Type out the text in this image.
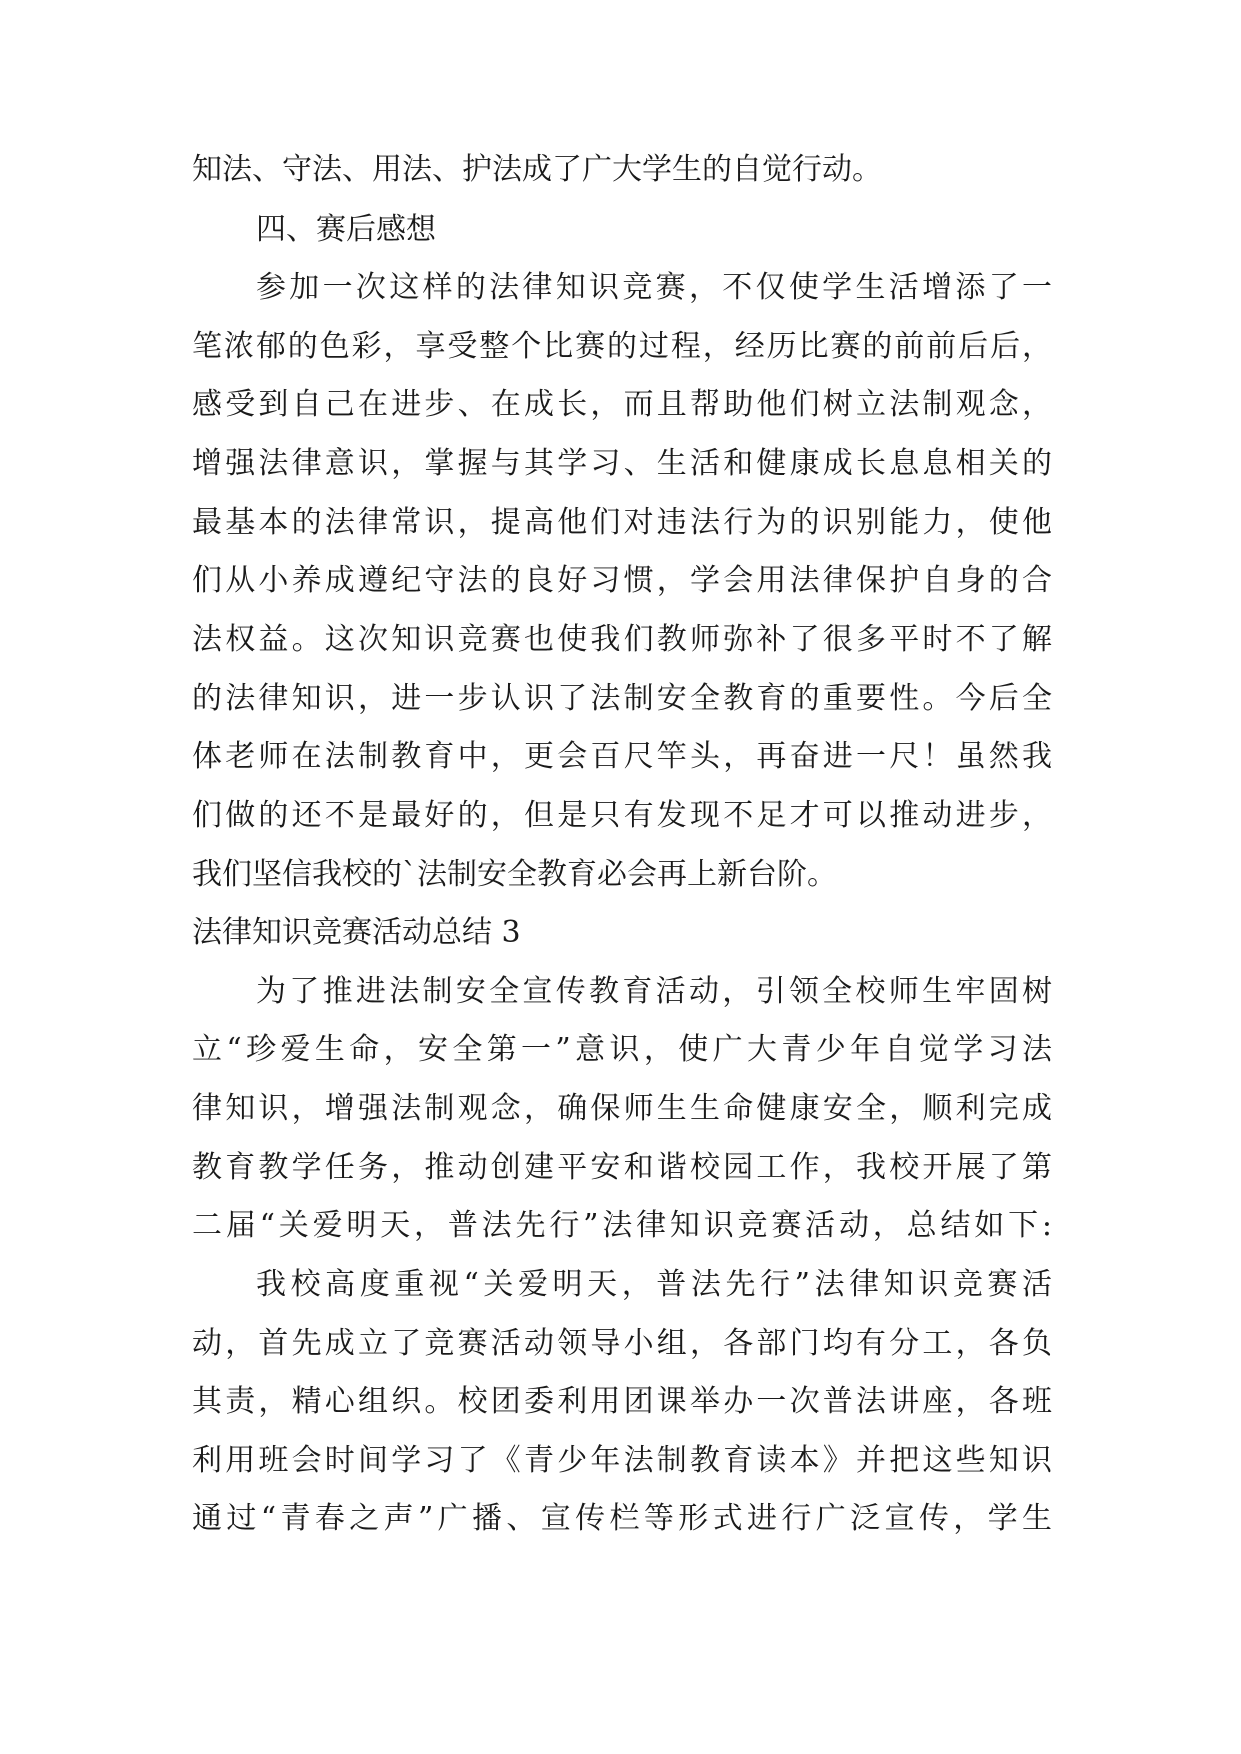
知法、守法、用法、护法成了广大学生的自觉行动。
四、赛后感想
参加一次这样的法律知识竞赛，不仅使学生活增添了一
笔浓郁的色彩，享受整个比赛的过程，经历比赛的前前后后，
感受到自己在进步、在成长，而且帮助他们树立法制观念，
增强法律意识，掌握与其学习、生活和健康成长息息相关的
最基本的法律常识，提高他们对违法行为的识别能力，使他
们从小养成遵纪守法的良好习惯，学会用法律保护自身的合
法权益。这次知识竞赛也使我们教师弥补了很多平时不了解
的法律知识，进一步认识了法制安全教育的重要性。今后全
体老师在法制教育中，更会百尺竿头，再奋进一尺！虽然我
们做的还不是最好的，但是只有发现不足才可以推动进步，
我们坚信我校的`法制安全教育必会再上新台阶。
法律知识竞赛活动总结 3
为了推进法制安全宣传教育活动，引领全校师生牢固树
立“珍爱生命，安全第一”意识，使广大青少年自觉学习法
律知识，增强法制观念，确保师生生命健康安全，顺利完成
教育教学任务，推动创建平安和谐校园工作，我校开展了第
二届“关爱明天，普法先行”法律知识竞赛活动，总结如下:
我校高度重视“关爱明天，普法先行”法律知识竞赛活
动，首先成立了竞赛活动领导小组，各部门均有分工，各负
其责，精心组织。校团委利用团课举办一次普法讲座，各班
利用班会时间学习了《青少年法制教育读本》并把这些知识
通过“青春之声”广播、宣传栏等形式进行广泛宣传，学生
